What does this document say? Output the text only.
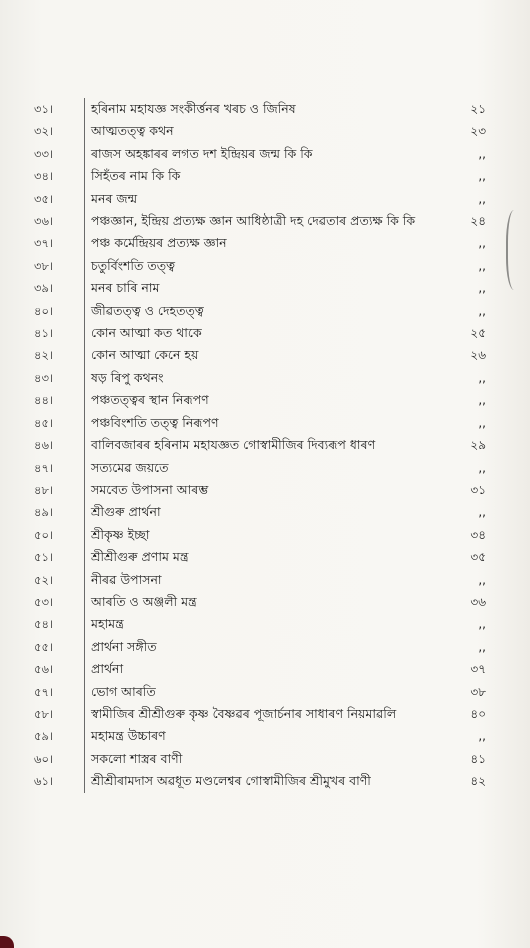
৩১।	হৰিনাম মহাযজ্ঞ সংকীৰ্ত্তনৰ খৰচ ও জিনিষ	২১
৩২।	আত্মতত্ত্ব কথন	২৩
৩৩।	ৰাজস অহঙ্কাৰৰ লগত দশ ইন্দ্ৰিয়ৰ জন্ম কি কি	,,
৩৪।	সিহঁতৰ নাম কি কি	,,
৩৫।	মনৰ জন্ম	,,
৩৬।	পঞ্চজ্ঞান, ইন্দ্ৰিয় প্ৰত্যক্ষ জ্ঞান আধিষ্ঠাত্ৰী দহ দেৱতাৰ প্ৰত্যক্ষ কি কি	২৪
৩৭।	পঞ্চ কৰ্মেন্দ্ৰিয়ৰ প্ৰত্যক্ষ জ্ঞান	,,
৩৮।	চতুৰ্বিংশতি তত্ত্ব	,,
৩৯।	মনৰ চাৰি নাম	,,
৪০।	জীৱতত্ত্ব ও দেহতত্ত্ব	,,
৪১।	কোন আত্মা কত থাকে	২৫
৪২।	কোন আত্মা কেনে হয়	২৬
৪৩।	ষড় ৰিপু কথনং	,,
৪৪।	পঞ্চতত্ত্বৰ স্থান নিৰূপণ	,,
৪৫।	পঞ্চবিংশতি তত্ত্ব নিৰূপণ	,,
৪৬।	বালিবজাৰৰ হৰিনাম মহাযজ্ঞত গোস্বামীজিৰ দিব্যৰূপ ধাৰণ	২৯
৪৭।	সত্যমেৱ জয়তে	,,
৪৮।	সমবেত উপাসনা আৰম্ভ	৩১
৪৯।	শ্ৰীগুৰু প্ৰাৰ্থনা	,,
৫০।	শ্ৰীকৃষ্ণ ইচ্ছা	৩৪
৫১।	শ্ৰীশ্ৰীগুৰু প্ৰণাম মন্ত্ৰ	৩৫
৫২।	নীৰৱ উপাসনা	,,
৫৩।	আৰতি ও অঞ্জলী মন্ত্ৰ	৩৬
৫৪।	মহামন্ত্ৰ	,,
৫৫।	প্ৰাৰ্থনা সঙ্গীত	,,
৫৬।	প্ৰাৰ্থনা	৩৭
৫৭।	ভোগ আৰতি	৩৮
৫৮।	স্বামীজিৰ শ্ৰীশ্ৰীগুৰু কৃষ্ণ বৈষ্ণৱৰ পূজাৰ্চনাৰ সাধাৰণ নিয়মাৱলি	৪০
৫৯।	মহামন্ত্ৰ উচ্চাৰণ	,,
৬০।	সকলো শাস্ত্ৰৰ বাণী	৪১
৬১।	শ্ৰীশ্ৰীৰামদাস অৱধূত মণ্ডলেশ্বৰ গোস্বামীজিৰ শ্ৰীমুখৰ বাণী	৪২
